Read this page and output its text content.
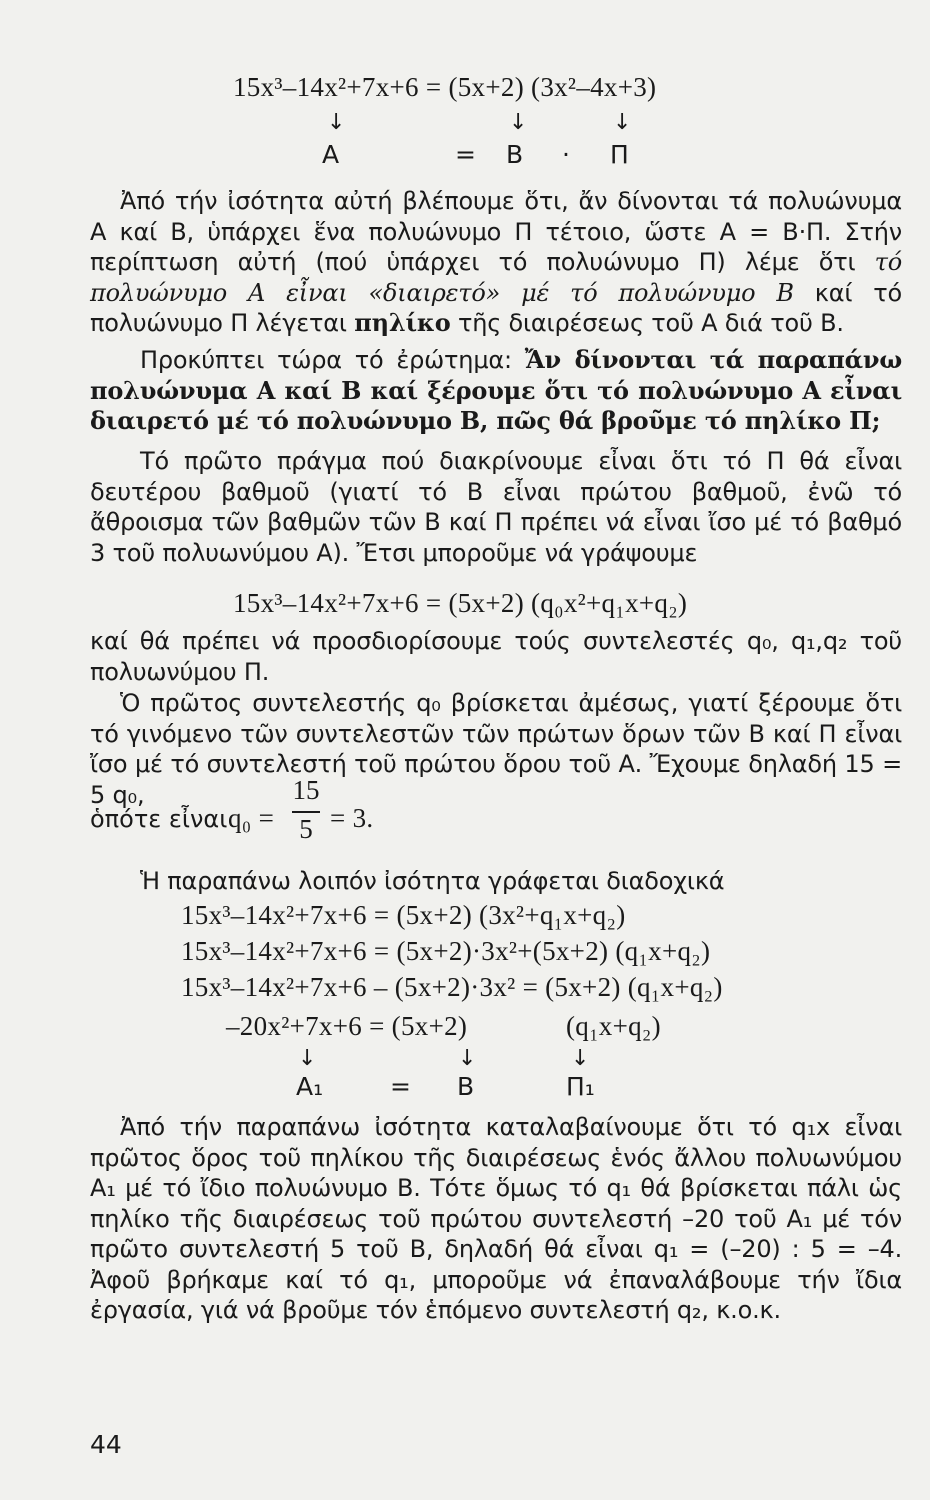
15x³–14x²+7x+6 = (5x+2) (3x²–4x+3)
↓	↓	↓
A	= B · Π
Ἀπό τήν ἰσότητα αὐτή βλέπουμε ὅτι, ἄν δίνονται τά πολυώνυμα Α καί Β, ὑπάρχει ἕνα πολυώνυμο Π τέτοιο, ὥστε Α = Β·Π. Στήν περίπτωση αὐτή (πού ὑπάρχει τό πολυώνυμο Π) λέμε ὅτι τό πολυώνυμο Α εἶναι «διαιρετό» μέ τό πολυώνυμο Β καί τό πολυώνυμο Π λέγεται πηλίκο τῆς διαιρέσεως τοῦ Α διά τοῦ Β.
Προκύπτει τώρα τό ἐρώτημα: Ἄν δίνονται τά παραπάνω πολυώνυμα Α καί Β καί ξέρουμε ὅτι τό πολυώνυμο Α εἶναι διαιρετό μέ τό πολυώνυμο Β, πῶς θά βροῦμε τό πηλίκο Π;
Τό πρῶτο πράγμα πού διακρίνουμε εἶναι ὅτι τό Π θά εἶναι δευτέρου βαθμοῦ (γιατί τό Β εἶναι πρώτου βαθμοῦ, ἐνῶ τό ἄθροισμα τῶν βαθμῶν τῶν Β καί Π πρέπει νά εἶναι ἴσο μέ τό βαθμό 3 τοῦ πολυωνύμου Α). Ἔτσι μποροῦμε νά γράψουμε
15x³–14x²+7x+6 = (5x+2) (q₀x²+q₁x+q₂)
καί θά πρέπει νά προσδιορίσουμε τούς συντελεστές q₀, q₁,q₂ τοῦ πολυωνύμου Π.
Ὁ πρῶτος συντελεστής q₀ βρίσκεται ἀμέσως, γιατί ξέρουμε ὅτι τό γινόμενο τῶν συντελεστῶν τῶν πρώτων ὅρων τῶν Β καί Π εἶναι ἴσο μέ τό συντελεστή τοῦ πρώτου ὅρου τοῦ Α. Ἔχουμε δηλαδή 15 = 5 q₀,
ὁπότε εἶναι q₀ =
15
5 = 3.
Ἡ παραπάνω λοιπόν ἰσότητα γράφεται διαδοχικά
15x³–14x²+7x+6 = (5x+2) (3x²+q₁x+q₂)
15x³–14x²+7x+6 = (5x+2)·3x²+(5x+2) (q₁x+q₂)
15x³–14x²+7x+6 – (5x+2)·3x² = (5x+2) (q₁x+q₂)
–20x²+7x+6 = (5x+2)	(q₁x+q₂)
↓	↓	↓
A₁	= B	Π₁
Ἀπό τήν παραπάνω ἰσότητα καταλαβαίνουμε ὅτι τό q₁x εἶναι πρῶτος ὅρος τοῦ πηλίκου τῆς διαιρέσεως ἑνός ἄλλου πολυωνύμου Α₁ μέ τό ἴδιο πολυώνυμο Β. Τότε ὅμως τό q₁ θά βρίσκεται πάλι ὡς πηλίκο τῆς διαιρέσεως τοῦ πρώτου συντελεστή –20 τοῦ Α₁ μέ τόν πρῶτο συντελεστή 5 τοῦ Β, δηλαδή θά εἶναι q₁ = (–20) : 5 = –4. Ἀφοῦ βρήκαμε καί τό q₁, μποροῦμε νά ἐπαναλάβουμε τήν ἴδια ἐργασία, γιά νά βροῦμε τόν ἑπόμενο συντελεστή q₂, κ.ο.κ.
44
